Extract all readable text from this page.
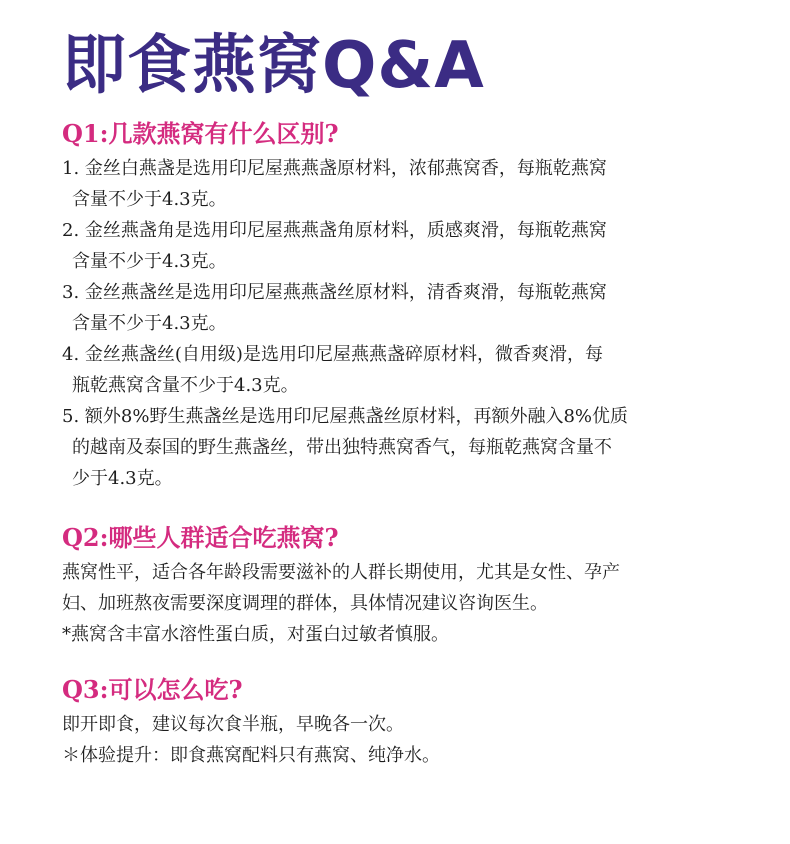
即食燕窝Q&A
Q1:几款燕窝有什么区别?
1. 金丝白燕盏是选用印尼屋燕燕盏原材料，浓郁燕窝香，每瓶乾燕窝
含量不少于4.3克。
2. 金丝燕盏角是选用印尼屋燕燕盏角原材料，质感爽滑，每瓶乾燕窝
含量不少于4.3克。
3. 金丝燕盏丝是选用印尼屋燕燕盏丝原材料，清香爽滑，每瓶乾燕窝
含量不少于4.3克。
4. 金丝燕盏丝(自用级)是选用印尼屋燕燕盏碎原材料，微香爽滑，每
瓶乾燕窝含量不少于4.3克。
5. 额外8%野生燕盏丝是选用印尼屋燕盏丝原材料，再额外融入8%优质
的越南及泰国的野生燕盏丝，带出独特燕窝香气，每瓶乾燕窝含量不
少于4.3克。
Q2:哪些人群适合吃燕窝?
燕窝性平，适合各年龄段需要滋补的人群长期使用，尤其是女性、孕产
妇、加班熬夜需要深度调理的群体，具体情况建议咨询医生。
*燕窝含丰富水溶性蛋白质，对蛋白过敏者慎服。
Q3:可以怎么吃?
即开即食，建议每次食半瓶，早晚各一次。
＊体验提升：即食燕窝配料只有燕窝、纯净水。
